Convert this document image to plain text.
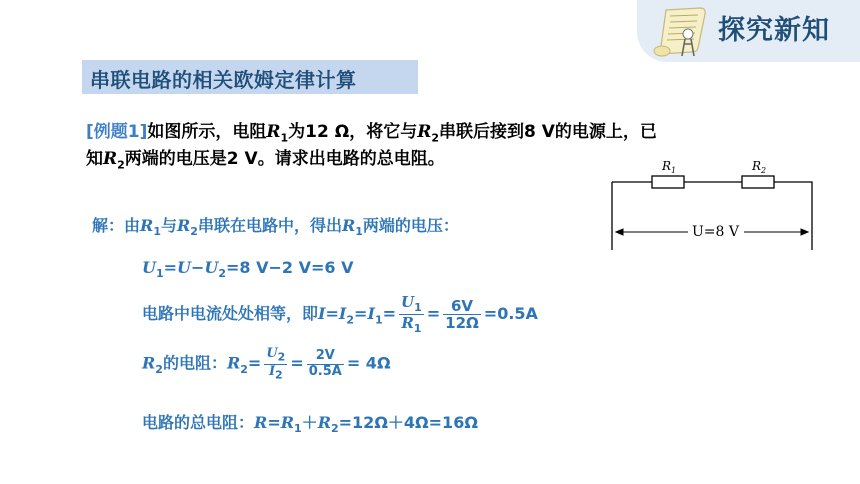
探究新知
串联电路的相关欧姆定律计算
[例题1]如图所示，电阻$R_1$为12 Ω，将它与$R_2$串联后接到8 V的电源上，已
知$R_2$两端的电压是2 V。请求出电路的总电阻。	$R_1$	$R_2$
U=8 V
解：由$R_1$与$R_2$串联在电路中，得出$R_1$两端的电压：
$U_1=U-U_2=8$ V−2 V=6 V
电路中电流处处相等，即$I=I_2=I_1= \frac{U_1}{R_1} = \frac{6V}{12\Omega} =0.5A$
$R_2$的电阻：$R_2= \frac{U_2}{I_2} = \frac{2V}{0.5A} = 4\Omega$
电路的总电阻：$R=R_1+R_2=12\Omega+4\Omega=16\Omega$
